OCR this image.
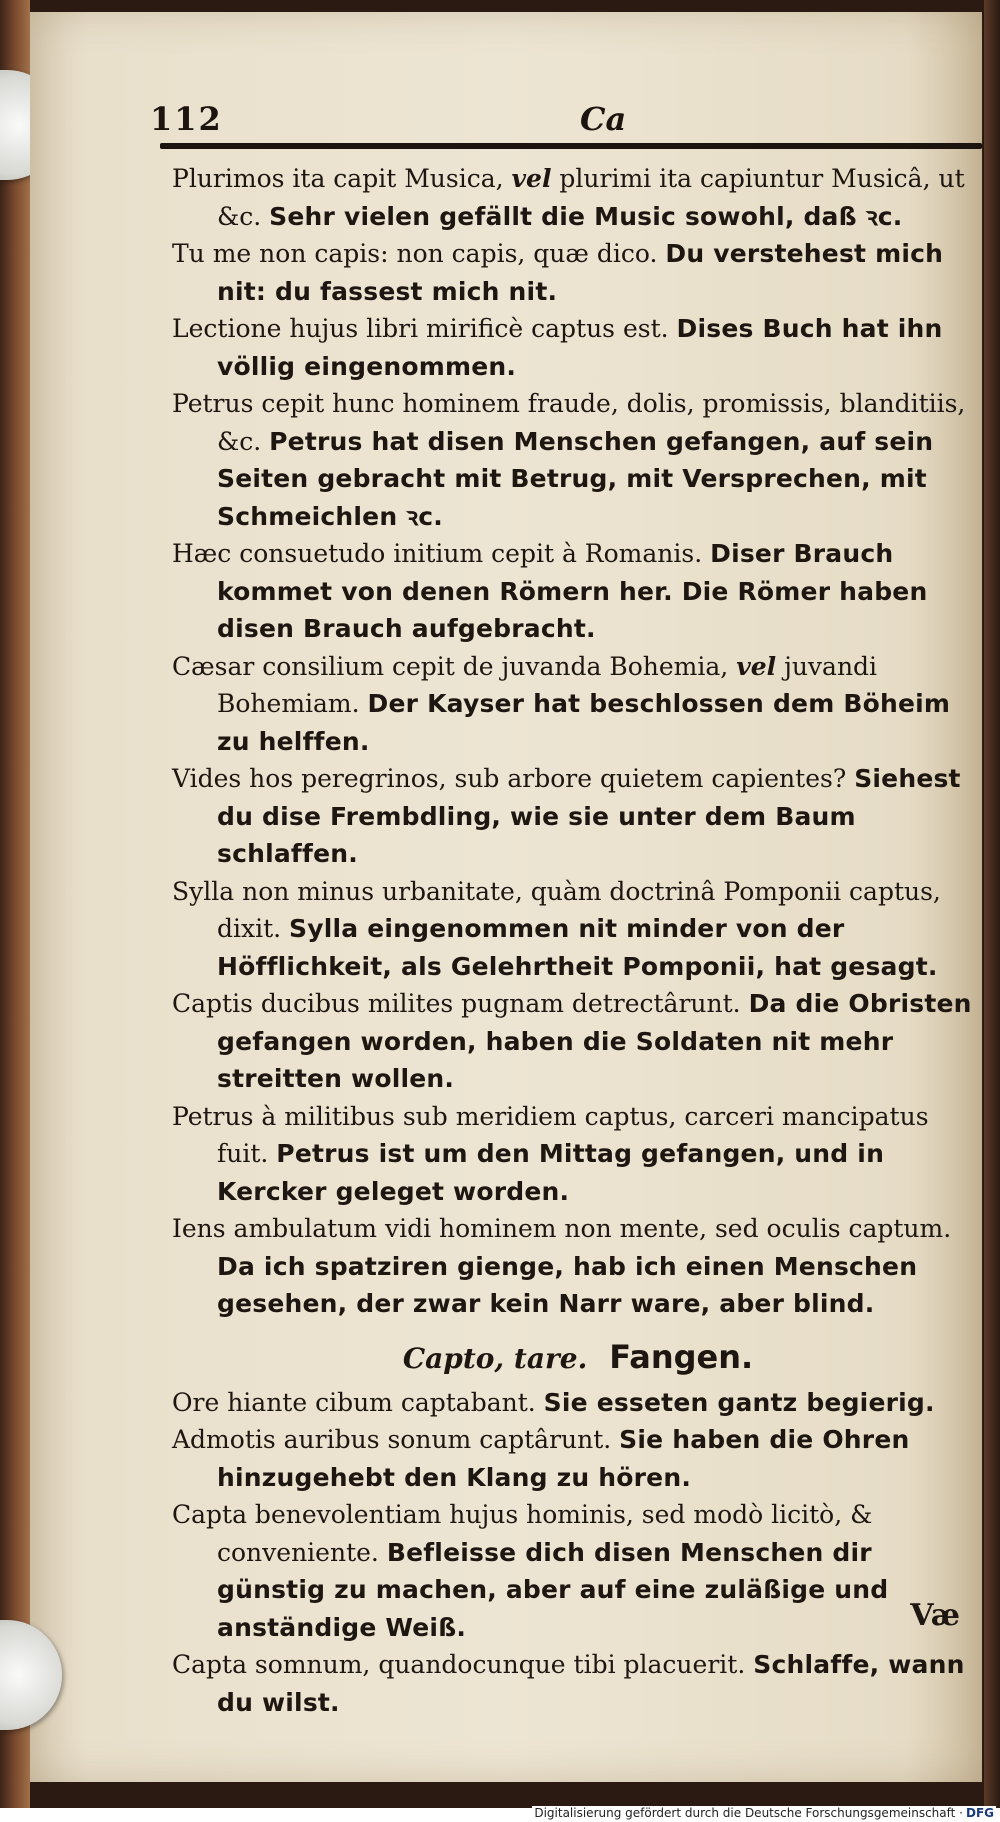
112	Ca

Plurimos ita capit Musica, vel plurimi ita capiuntur Musicâ, ut &c. Sehr vielen gefällt die Music sowohl, daß ꝛc.

Tu me non capis: non capis, quæ dico. Du verstehest mich nit: du fassest mich nit.

Lectione hujus libri mirificè captus est. Dises Buch hat ihn völlig eingenommen.

Petrus cepit hunc hominem fraude, dolis, promissis, blanditiis, &c. Petrus hat disen Menschen gefangen, auf sein Seiten gebracht mit Betrug, mit Versprechen, mit Schmeichlen ꝛc.

Hæc consuetudo initium cepit à Romanis. Diser Brauch kommet von denen Römern her. Die Römer haben disen Brauch aufgebracht.

Cæsar consilium cepit de juvanda Bohemia, vel juvandi Bohemiam. Der Kayser hat beschlossen dem Böheim zu helffen.

Vides hos peregrinos, sub arbore quietem capientes? Siehest du dise Frembdling, wie sie unter dem Baum schlaffen.

Sylla non minus urbanitate, quàm doctrinâ Pomponii captus, dixit. Sylla eingenommen nit minder von der Höfflichkeit, als Gelehrtheit Pomponii, hat gesagt.

Captis ducibus milites pugnam detrectârunt. Da die Obristen gefangen worden, haben die Soldaten nit mehr streitten wollen.

Petrus à militibus sub meridiem captus, carceri mancipatus fuit. Petrus ist um den Mittag gefangen, und in Kercker geleget worden.

Iens ambulatum vidi hominem non mente, sed oculis captum. Da ich spatziren gienge, hab ich einen Menschen gesehen, der zwar kein Narr ware, aber blind.

Capto, tare. Fangen.

Ore hiante cibum captabant. Sie esseten gantz begierig.

Admotis auribus sonum captârunt. Sie haben die Ohren hinzugehebt den Klang zu hören.

Capta benevolentiam hujus hominis, sed modò licitò, & conveniente. Befleisse dich disen Menschen dir günstig zu machen, aber auf eine zuläßige und anständige Weiß.

Capta somnum, quandocunque tibi placuerit. Schlaffe, wann du wilst.

Væ
Digitalisierung gefördert durch die Deutsche Forschungsgemeinschaft · DFG
